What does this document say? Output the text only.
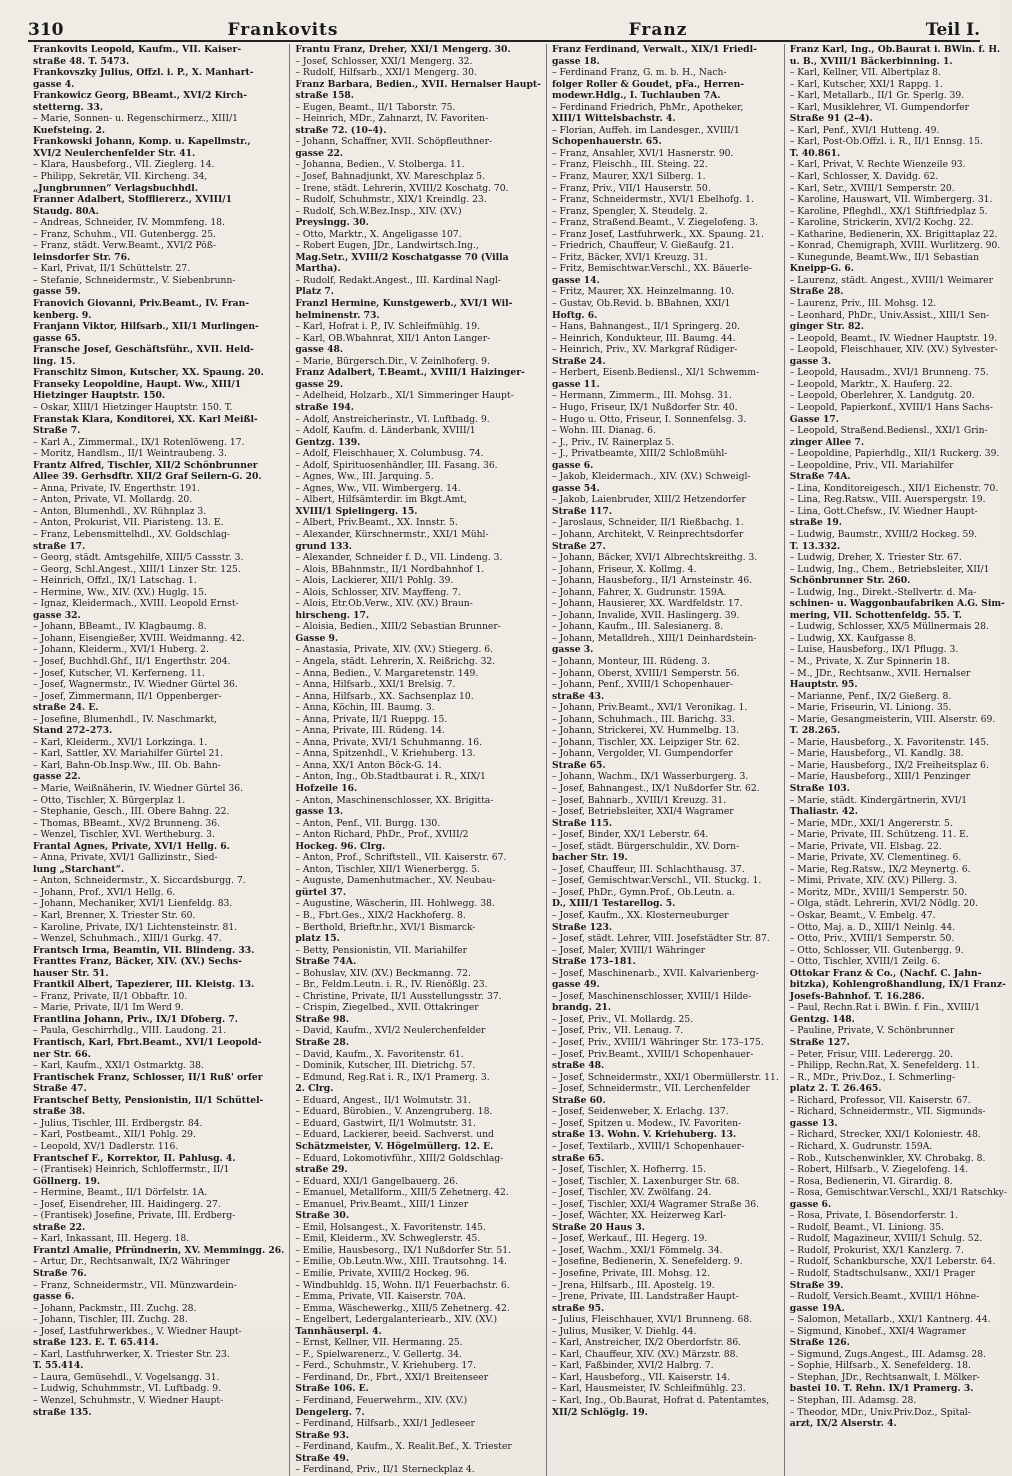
310	Frankovits	Franz	Teil I.
Frankovits Leopold, Kaufm., VII. Kaiser-
straße 48. T. 5473.
Frankovszky Julius, Offzl. i. P., X. Manhart-
gasse 4.
Frankowicz Georg, BBeamt., XVI/2 Kirch-
stetterng. 33.
– Marie, Sonnen- u. Regenschirmerz., XIII/1
Kuefsteing. 2.
Frankowski Johann, Komp. u. Kapellmstr.,
XVI/2 Neulerchenfelder Str. 41.
– Klara, Hausbeforg., VII. Zieglerg. 14.
– Philipp, Sekretär, VII. Kircheng. 34,
„Jungbrunnen“ Verlagsbuchhdl.
Franner Adalbert, Stoffliererz., XVIII/1
Staudg. 80A.
– Andreas, Schneider, IV. Mommfeng. 18.
– Franz, Schuhm., VII. Gutenbergg. 25.
– Franz, städt. Verw.Beamt., XVI/2 Pöß-
leinsdorfer Str. 76.
– Karl, Privat, II/1 Schüttelstr. 27.
– Stefanie, Schneidermstr., V. Siebenbrunn-
gasse 59.
Franovich Giovanni, Priv.Beamt., IV. Fran-
kenberg. 9.
Franjann Viktor, Hilfsarb., XII/1 Murlingen-
gasse 65.
Fransche Josef, Geschäftsführ., XVII. Held-
ling. 15.
Franschitz Simon, Kutscher, XX. Spaung. 20.
Franseky Leopoldine, Haupt. Ww., XIII/1
Hietzinger Hauptstr. 150.
– Oskar, XIII/1 Hietzinger Hauptstr. 150. T.
Franstak Klara, Konditorei, XX. Karl Meißl-
Straße 7.
– Karl A., Zimmermal., IX/1 Rotenlöweng. 17.
– Moritz, Handlsm., II/1 Weintraubeng. 3.
Frantz Alfred, Tischler, XII/2 Schönbrunner
Allee 39. Gerhsdftr. XII/2 Graf Seilern-G. 20.
– Anna, Private, IV. Engerthstr. 191.
– Anton, Private, VI. Mollardg. 20.
– Anton, Blumenhdl., XV. Rühnplaz 3.
– Anton, Prokurist, VII. Piaristeng. 13. E.
– Franz, Lebensmittelhdl., XV. Goldschlag-
straße 17.
– Georg, städt. Amtsgehilfe, XIII/5 Cassstr. 3.
– Georg, Schl.Angest., XIII/1 Linzer Str. 125.
– Heinrich, Offzl., IX/1 Latschag. 1.
– Hermine, Ww., XIV. (XV.) Huglg. 15.
– Ignaz, Kleidermach., XVIII. Leopold Ernst-
gasse 32.
– Johann, BBeamt., IV. Klagbaumg. 8.
– Johann, Eisengießer, XVIII. Weidmanng. 42.
– Johann, Kleiderm., XVI/1 Huberg. 2.
– Josef, Buchhdl.Ghf., II/1 Engerthstr. 204.
– Josef, Kutscher, VI. Kerferneng. 11.
– Josef, Wagnermstr., IV. Wiedner Gürtel 36.
– Josef, Zimmermann, II/1 Oppenberger-
straße 24. E.
– Josefine, Blumenhdl., IV. Naschmarkt,
Stand 272–273.
– Karl, Kleiderm., XVI/1 Lorkzinga. 1.
– Karl, Sattler, XV. Mariahilfer Gürtel 21.
– Karl, Bahn-Ob.Insp.Ww., III. Ob. Bahn-
gasse 22.
– Marie, Weißnäherin, IV. Wiedner Gürtel 36.
– Otto, Tischler, X. Bürgerplaz 1.
– Stephanie, Gesch., III. Obere Bahng. 22.
– Thomas, BBeamt., XV/2 Brunneng. 36.
– Wenzel, Tischler, XVI. Wertheburg. 3.
Frantal Agnes, Private, XVI/1 Hellg. 6.
– Anna, Private, XVI/1 Gallizinstr., Sied-
lung „Starchant“.
– Anton, Schneidermstr., X. Siccardsburgg. 7.
– Johann, Prof., XVI/1 Hellg. 6.
– Johann, Mechaniker, XVI/1 Lienfeldg. 83.
– Karl, Brenner, X. Triester Str. 60.
– Karoline, Private, IX/1 Lichtensteinstr. 81.
– Wenzel, Schuhmach., XIII/1 Gurkg. 47.
Frantsch Irma, Beamtin, VII. Blindeng. 33.
Franttes Franz, Bäcker, XIV. (XV.) Sechs-
hauser Str. 51.
Frantkil Albert, Tapezierer, III. Kleistg. 13.
– Franz, Private, II/1 Obbaftr. 10.
– Marie, Private, II/1 Im Werd 9.
Frantlina Johann, Priv., IX/1 Dfoberg. 7.
– Paula, Geschirrhdlg., VIII. Laudong. 21.
Frantisch, Karl, Fbrt.Beamt., XVI/1 Leopold-
ner Str. 66.
– Karl, Kaufm., XXI/1 Ostmarktg. 38.
Frantischek Franz, Schlosser, II/1 Ruß' orfer
Straße 47.
Frantschef Betty, Pensionistin, II/1 Schüttel-
straße 38.
– Julius, Tischler, III. Erdbergstr. 84.
– Karl, Postbeamt., XII/1 Pohlg. 29.
– Leopold, XV/1 Dadlerstr. 116.
Frantschef F., Korrektor, II. Pahlusg. 4.
– (Frantisek) Heinrich, Schloffermstr., II/1
Göllnerg. 19.
– Hermine, Beamt., II/1 Dörfelstr. 1A.
– Josef, Eisendreher, III. Haidingerg. 27.
– (Frantisek) Josefine, Private, III. Erdberg-
straße 22.
– Karl, Inkassant, III. Hegerg. 18.
Frantzl Amalie, Pfründnerin, XV. Memmingg. 26.
– Artur, Dr., Rechtsanwalt, IX/2 Währinger
Straße 76.
– Franz, Schneidermstr., VII. Münzwardein-
gasse 6.
– Johann, Packmstr., III. Zuchg. 28.
– Johann, Tischler, III. Zuchg. 28.
– Josef, Lastfuhrwerkbes., V. Wiedner Haupt-
straße 123. E. T. 65.414.
– Karl, Lastfuhrwerker, X. Triester Str. 23.
T. 55.414.
– Laura, Gemüsehdl., V. Vogelsangg. 31.
– Ludwig, Schuhmmstr., VI. Luftbadg. 9.
– Wenzel, Schuhmstr., V. Wiedner Haupt-
straße 135.
Frantu Franz, Dreher, XXI/1 Mengerg. 30.
– Josef, Schlosser, XXI/1 Mengerg. 32.
– Rudolf, Hilfsarb., XXI/1 Mengerg. 30.
Franz Barbara, Bedien., XVII. Hernalser Haupt-
straße 158.
– Eugen, Beamt., II/1 Taborstr. 75.
– Heinrich, MDr., Zahnarzt, IV. Favoriten-
straße 72. (10–4).
– Johann, Schaffner, XVII. Schöpfleuthner-
gasse 22.
– Johanna, Bedien., V. Stolberga. 11.
– Josef, Bahnadjunkt, XV. Mareschplaz 5.
– Irene, städt. Lehrerin, XVIII/2 Koschatg. 70.
– Rudolf, Schuhmstr., XIX/1 Kreindlg. 23.
– Rudolf, Sch.W.Bez.Insp., XIV. (XV.)
Preysingg. 30.
– Otto, Marktr., X. Angeligasse 107.
– Robert Eugen, JDr., Landwirtsch.Ing.,
Mag.Setr., XVIII/2 Koschatgasse 70 (Villa
Martha).
– Rudolf, Redakt.Angest., III. Kardinal Nagl-
Platz 7.
Franzl Hermine, Kunstgewerb., XVI/1 Wil-
helminenstr. 73.
– Karl, Hofrat i. P., IV. Schleifmühlg. 19.
– Karl, OB.Wbahnrat, XII/1 Anton Langer-
gasse 48.
– Marie, Bürgersch.Dir., V. Zeinlhoferg. 9.
Franz Adalbert, T.Beamt., XVIII/1 Haizinger-
gasse 29.
– Adelheid, Holzarb., XI/1 Simmeringer Haupt-
straße 194.
– Adolf, Anstreicherinstr., VI. Luftbadg. 9.
– Adolf, Kaufm. d. Länderbank, XVIII/1
Gentzg. 139.
– Adolf, Fleischhauer, X. Columbusg. 74.
– Adolf, Spirituosenhändler, III. Fasang. 36.
– Agnes, Ww., III. Jarquing. 5.
– Agnes, Ww., VII. Wimbergerg. 14.
– Albert, Hilfsämterdir. im Bkgt.Amt,
XVIII/1 Spielingerg. 15.
– Albert, Priv.Beamt., XX. Innstr. 5.
– Alexander, Kürschnermstr., XXI/1 Mühl-
grund 133.
– Alexander, Schneider f. D., VII. Lindeng. 3.
– Alois, BBahnmstr., II/1 Nordbahnhof 1.
– Alois, Lackierer, XII/1 Pohlg. 39.
– Alois, Schlosser, XIV. Mayffeng. 7.
– Alois, Etr.Ob.Verw., XIV. (XV.) Braun-
hirscheng. 17.
– Aloisia, Bedien., XIII/2 Sebastian Brunner-
Gasse 9.
– Anastasia, Private, XIV. (XV.) Stiegerg. 6.
– Angela, städt. Lehrerin, X. Reißrichg. 32.
– Anna, Bedien., V. Margaretenstr. 149.
– Anna, Hilfsarb., XXI/1 Brelsig. 7.
– Anna, Hilfsarb., XX. Sachsenplaz 10.
– Anna, Köchin, III. Baumg. 3.
– Anna, Private, II/1 Rueppg. 15.
– Anna, Private, III. Rüdeng. 14.
– Anna, Private, XVI/1 Schuhmanng. 16.
– Anna, Spitzenhdl., V. Kriehuberg. 13.
– Anna, XX/1 Anton Böck-G. 14.
– Anton, Ing., Ob.Stadtbaurat i. R., XIX/1
Hofzeile 16.
– Anton, Maschinenschlosser, XX. Brigitta-
gasse 13.
– Anton, Penf., VII. Burgg. 130.
– Anton Richard, PhDr., Prof., XVIII/2
Hockeg. 96. Clrg.
– Anton, Prof., Schriftstell., VII. Kaiserstr. 67.
– Anton, Tischler, XII/1 Wienerbergg. 5.
– Auguste, Damenhutmacher., XV. Neubau-
gürtel 37.
– Augustine, Wäscherin, III. Hohlwegg. 38.
– B., Fbrt.Ges., XIX/2 Hackhoferg. 8.
– Berthold, Brieftr.hr., XVI/1 Bismarck-
platz 15.
– Betty, Pensionistin, VII. Mariahilfer
Straße 74A.
– Bohuslav, XIV. (XV.) Beckmanng. 72.
– Br., Feldm.Leutn. i. R., IV. Rienößlg. 23.
– Christine, Private, II/1 Ausstellungsstr. 37.
– Crispin, Ziegelbed., XVII. Ottakringer
Straße 98.
– David, Kaufm., XVI/2 Neulerchenfelder
Straße 28.
– David, Kaufm., X. Favoritenstr. 61.
– Dominik, Kutscher, III. Dietrichg. 57.
– Edmund, Reg.Rat i. R., IX/1 Pramerg. 3.
2. Clrg.
– Eduard, Angest., II/1 Wolmutstr. 31.
– Eduard, Bürobien., V. Anzengruberg. 18.
– Eduard, Gastwirt, II/1 Wolmutstr. 31.
– Eduard, Lackierer, beeid. Sachverst. und
Schätzmeister, V. Högelmüllerg. 12. E.
– Eduard, Lokomotivführ., XIII/2 Goldschlag-
straße 29.
– Eduard, XXI/1 Gangelbauerg. 26.
– Emanuel, Metallform., XIII/5 Zehetnerg. 42.
– Emanuel, Priv.Beamt., XIII/1 Linzer
Straße 30.
– Emil, Holsangest., X. Favoritenstr. 145.
– Emil, Kleiderm., XV. Schweglerstr. 45.
– Emilie, Hausbesorg., IX/1 Nußdorfer Str. 51.
– Emilie, Ob.Leutn.Ww., XIII. Trautsohng. 14.
– Emilie, Private, XVIII/2 Hockeg. 96.
– Windbuhldg. 15, Wohn. II/1 Feuerbachstr. 6.
– Emma, Private, VII. Kaiserstr. 70A.
– Emma, Wäschewerkg., XIII/5 Zehetnerg. 42.
– Engelbert, Ledergalanteriearb., XIV. (XV.)
Tannhäuserpl. 4.
– Ernst, Kellner, VII. Hermanng. 25.
– F., Spielwarenerz., V. Gellertg. 34.
– Ferd., Schuhmstr., V. Kriehuberg. 17.
– Ferdinand, Dr., Fbrt., XXI/1 Breitenseer
Straße 106. E.
– Ferdinand, Feuerwehrm., XIV. (XV.)
Dengelerg. 7.
– Ferdinand, Hilfsarb., XXI/1 Jedleseer
Straße 93.
– Ferdinand, Kaufm., X. Realit.Bef., X. Triester
Straße 49.
– Ferdinand, Priv., II/1 Sterneckplaz 4.
Franz Ferdinand, Verwalt., XIX/1 Friedl-
gasse 18.
– Ferdinand Franz, G. m. b. H., Nach-
folger Roller & Goudet, pFa., Herren-
modewr.Hdlg., I. Tuchlauben 7A.
– Ferdinand Friedrich, PhMr., Apotheker,
XIII/1 Wittelsbachstr. 4.
– Florian, Auffeh. im Landesger., XVIII/1
Schopenhauerstr. 65.
– Franz, Ansahler, XVI/1 Hasnerstr. 90.
– Franz, Fleischh., III. Steing. 22.
– Franz, Maurer, XX/1 Silberg. 1.
– Franz, Priv., VII/1 Hauserstr. 50.
– Franz, Schneidermstr., XVI/1 Ebelhofg. 1.
– Franz, Spengler, X. Steudelg. 2.
– Franz, Straßend.Beamt., V. Ziegelofeng. 3.
– Franz Josef, Lastfuhrwerk., XX. Spaung. 21.
– Friedrich, Chauffeur, V. Gießaufg. 21.
– Fritz, Bäcker, XVI/1 Kreuzg. 31.
– Fritz, Bemischtwar.Verschl., XX. Bäuerle-
gasse 14.
– Fritz, Maurer, XX. Heinzelmanng. 10.
– Gustav, Ob.Revid. b. BBahnen, XXI/1
Hoftg. 6.
– Hans, Bahnangest., II/1 Springerg. 20.
– Heinrich, Kondukteur, III. Baumg. 44.
– Heinrich, Priv., XV. Markgraf Rüdiger-
Straße 24.
– Herbert, Eisenb.Bediensl., XI/1 Schwemm-
gasse 11.
– Hermann, Zimmerm., III. Mohsg. 31.
– Hugo, Friseur, IX/1 Nußdorfer Str. 40.
– Hugo u. Otto, Friseur, I. Sonnenfelsg. 3.
– Wohn. III. Dianag. 6.
– J., Priv., IV. Rainerplaz 5.
– J., Privatbeamte, XIII/2 Schloßmühl-
gasse 6.
– Jakob, Kleidermach., XIV. (XV.) Schweigl-
gasse 54.
– Jakob, Laienbruder, XIII/2 Hetzendorfer
Straße 117.
– Jaroslaus, Schneider, II/1 Rießbachg. 1.
– Johann, Architekt, V. Reinprechtsdorfer
Straße 27.
– Johann, Bäcker, XVI/1 Albrechtskreithg. 3.
– Johann, Friseur, X. Kollmg. 4.
– Johann, Hausbeforg., II/1 Arnsteinstr. 46.
– Johann, Fahrer, X. Gudrunstr. 159A.
– Johann, Hausierer, XX. Wardfeldstr. 17.
– Johann, Invalide, XVII. Haslingerg. 39.
– Johann, Kaufm., III. Salesianerg. 8.
– Johann, Metalldreh., XIII/1 Deinhardstein-
gasse 3.
– Johann, Monteur, III. Rüdeng. 3.
– Johann, Oberst, XVIII/1 Semperstr. 56.
– Johann, Penf., XVIII/1 Schopenhauer-
straße 43.
– Johann, Priv.Beamt., XVI/1 Veronikag. 1.
– Johann, Schuhmach., III. Barichg. 33.
– Johann, Strickerei, XV. Hummelbg. 13.
– Johann, Tischler, XX. Leipziger Str. 62.
– Johann, Vergolder, VI. Gumpendorfer
Straße 65.
– Johann, Wachm., IX/1 Wasserburgerg. 3.
– Josef, Bahnangest., IX/1 Nußdorfer Str. 62.
– Josef, Bahnarb., XVIII/1 Kreuzg. 31.
– Josef, Betriebsleiter, XXI/4 Wagramer
Straße 115.
– Josef, Binder, XX/1 Leberstr. 64.
– Josef, städt. Bürgerschuldir., XV. Dorn-
bacher Str. 19.
– Josef, Chauffeur, III. Schlachthausg. 37.
– Josef, Gemischtwar.Verschl., VII. Stuckg. 1.
– Josef, PhDr., Gymn.Prof., Ob.Leutn. a.
D., XIII/1 Testarellog. 5.
– Josef, Kaufm., XX. Klosterneuburger
Straße 123.
– Josef, städt. Lehrer, VIII. Josefstädter Str. 87.
– Josef, Maler, XVIII/1 Währinger
Straße 173–181.
– Josef, Maschinenarb., XVII. Kalvarienberg-
gasse 49.
– Josef, Maschinenschlosser, XVIII/1 Hilde-
brandg. 21.
– Josef, Priv., VI. Mollardg. 25.
– Josef, Priv., VII. Lenaug. 7.
– Josef, Priv., XVIII/1 Währinger Str. 173–175.
– Josef, Priv.Beamt., XVIII/1 Schopenhauer-
straße 48.
– Josef, Schneidermstr., XXI/1 Obermüllerstr. 11.
– Josef, Schneidermstr., VII. Lerchenfelder
Straße 60.
– Josef, Seidenweber, X. Erlachg. 137.
– Josef, Spitzen u. Modew., IV. Favoriten-
straße 13. Wohn. V. Kriehuberg. 13.
– Josef, Textilarb., XVIII/1 Schopenhauer-
straße 65.
– Josef, Tischler, X. Hofherrg. 15.
– Josef, Tischler, X. Laxenburger Str. 68.
– Josef, Tischler, XV. Zwölfang. 24.
– Josef, Tischler, XXI/4 Wagramer Straße 36.
– Josef, Wächter, XX. Heizerweg Karl-
Straße 20 Haus 3.
– Josef, Werkauf., III. Hegerg. 19.
– Josef, Wachm., XXI/1 Fömmelg. 34.
– Josefine, Bedienerin, X. Senefelderg. 9.
– Josefine, Private, III. Mohsg. 12.
– Jrena, Hilfsarb., III. Apostelg. 19.
– Jrene, Private, III. Landstraßer Haupt-
straße 95.
– Julius, Fleischhauer, XVI/1 Brunneng. 68.
– Julius, Musiker, V. Diehlg. 44.
– Karl, Anstreicher, IX/2 Oberdorfstr. 86.
– Karl, Chauffeur, XIV. (XV.) Märzstr. 88.
– Karl, Faßbinder, XVI/2 Halbrg. 7.
– Karl, Hausbeforg., VII. Kaiserstr. 14.
– Karl, Hausmeister, IV. Schleifmühlg. 23.
– Karl, Ing., Ob.Baurat, Hofrat d. Patentamtes,
XII/2 Schlöglg. 19.
Franz Karl, Ing., Ob.Baurat i. BWin. f. H.
u. B., XVIII/1 Bäckerbinning. 1.
– Karl, Kellner, VII. Albertplaz 8.
– Karl, Kutscher, XXI/1 Rappg. 1.
– Karl, Metallarb., II/1 Gr. Sperlg. 39.
– Karl, Musiklehrer, VI. Gumpendorfer
Straße 91 (2–4).
– Karl, Penf., XVI/1 Hutteng. 49.
– Karl, Post-Ob.Offzl. i. R., II/1 Ennsg. 15.
T. 40.861.
– Karl, Privat, V. Rechte Wienzeile 93.
– Karl, Schlosser, X. Davidg. 62.
– Karl, Setr., XVIII/1 Semperstr. 20.
– Karoline, Hauswart, VII. Wimbergerg. 31.
– Karoline, Pfleghdl., XX/1 Stiftfriedplaz 5.
– Karoline, Strickerin, XVI/2 Kochg. 22.
– Katharine, Bedienerin, XX. Brigittaplaz 22.
– Konrad, Chemigraph, XVIII. Wurlitzerg. 90.
– Kunegunde, Beamt.Ww., II/1 Sebastian
Kneipp-G. 6.
– Laurenz, städt. Angest., XVIII/1 Weimarer
Straße 28.
– Laurenz, Priv., III. Mohsg. 12.
– Leonhard, PhDr., Univ.Assist., XIII/1 Sen-
ginger Str. 82.
– Leopold, Beamt., IV. Wiedner Hauptstr. 19.
– Leopold, Fleischhauer, XIV. (XV.) Sylvester-
gasse 3.
– Leopold, Hausadm., XVI/1 Brunneng. 75.
– Leopold, Marktr., X. Hauferg. 22.
– Leopold, Oberlehrer, X. Landgutg. 20.
– Leopold, Papierkonf., XVIII/1 Hans Sachs-
Gasse 17.
– Leopold, Straßend.Bediensl., XXI/1 Grin-
zinger Allee 7.
– Leopoldine, Papierhdlg., XII/1 Ruckerg. 39.
– Leopoldine, Priv., VII. Mariahilfer
Straße 74A.
– Lina, Konditoreigesch., XII/1 Eichenstr. 70.
– Lina, Reg.Ratsw., VIII. Auerspergstr. 19.
– Lina, Gott.Chefsw., IV. Wiedner Haupt-
straße 19.
– Ludwig, Baumstr., XVIII/2 Hockeg. 59.
T. 13.332.
– Ludwig, Dreher, X. Triester Str. 67.
– Ludwig, Ing., Chem., Betriebsleiter, XII/1
Schönbrunner Str. 260.
– Ludwig, Ing., Direkt.-Stellvertr. d. Ma-
schinen- u. Waggonbaufabriken A.G. Sim-
mering, VII. Schottenfeldg. 55. T.
– Ludwig, Schlosser, XX/5 Müllnermais 28.
– Ludwig, XX. Kaufgasse 8.
– Luise, Hausbeforg., IX/1 Pflugg. 3.
– M., Private, X. Zur Spinnerin 18.
– M., JDr., Rechtsanw., XVII. Hernalser
Hauptstr. 95.
– Marianne, Penf., IX/2 Gießerg. 8.
– Marie, Friseurin, VI. Liniong. 35.
– Marie, Gesangmeisterin, VIII. Alserstr. 69.
T. 28.265.
– Marie, Hausbeforg., X. Favoritenstr. 145.
– Marie, Hausbeforg., VI. Kandlg. 38.
– Marie, Hausbeforg., IX/2 Freiheitsplaz 6.
– Marie, Hausbeforg., XIII/1 Penzinger
Straße 103.
– Marie, städt. Kindergärtnerin, XVI/1
Thaliastr. 42.
– Marie, MDr., XXI/1 Angererstr. 5.
– Marie, Private, III. Schützeng. 11. E.
– Marie, Private, VII. Elsbag. 22.
– Marie, Private, XV. Clementineg. 6.
– Marie, Reg.Ratsw., IX/2 Meynertg. 6.
– Mimi, Private, XIV. (XV.) Pillerg. 3.
– Moritz, MDr., XVIII/1 Semperstr. 50.
– Olga, städt. Lehrerin, XVI/2 Nödlg. 20.
– Oskar, Beamt., V. Embelg. 47.
– Otto, Maj. a. D., XIII/1 Neinlg. 44.
– Otto, Priv., XVIII/1 Semperstr. 50.
– Otto, Schlosser, VII. Gutenbergg. 9.
– Otto, Tischler, XVIII/1 Zeilg. 6.
Ottokar Franz & Co., (Nachf. C. Jahn-
bitzka), Kohlengroßhandlung, IX/1 Franz-
Josefs-Bahnhof. T. 16.286.
– Paul, Rechn.Rat i. BWin. f. Fin., XVIII/1
Gentzg. 148.
– Pauline, Private, V. Schönbrunner
Straße 127.
– Peter, Frisur, VIII. Lederergg. 20.
– Philipp, Rechn.Rat, X. Senefelderg. 11.
– R., MDr., Priv.Doz., I. Schmerling-
platz 2. T. 26.465.
– Richard, Professor, VII. Kaiserstr. 67.
– Richard, Schneidermstr., VII. Sigmunds-
gasse 13.
– Richard, Strecker, XXI/1 Koloniestr. 48.
– Richard, X. Gudrunstr. 159A.
– Rob., Kutschenwinkler, XV. Chrobakg. 8.
– Robert, Hilfsarb., V. Ziegelofeng. 14.
– Rosa, Bedienerin, VI. Girardig. 8.
– Rosa, Gemischtwar.Verschl., XXI/1 Ratschky-
gasse 6.
– Rosa, Private, I. Bösendorferstr. 1.
– Rudolf, Beamt., VI. Liniong. 35.
– Rudolf, Magazineur, XVIII/1 Schulg. 52.
– Rudolf, Prokurist, XX/1 Kanzlerg. 7.
– Rudolf, Schankbursche, XX/1 Leberstr. 64.
– Rudolf, Stadtschulsanw., XXI/1 Prager
Straße 39.
– Rudolf, Versich.Beamt., XVIII/1 Höhne-
gasse 19A.
– Salomon, Metallarb., XXI/1 Kantnerg. 44.
– Sigmund, Kinobef., XXI/4 Wagramer
Straße 126.
– Sigmund, Zugs.Angest., III. Adamsg. 28.
– Sophie, Hilfsarb., X. Senefelderg. 18.
– Stephan, JDr., Rechtsanwalt, I. Mölker-
bastei 10. T. Rehn. IX/1 Pramerg. 3.
– Stephan, III. Adamsg. 28.
– Theodor, MDr., Univ.Priv.Doz., Spital-
arzt, IX/2 Alserstr. 4.
